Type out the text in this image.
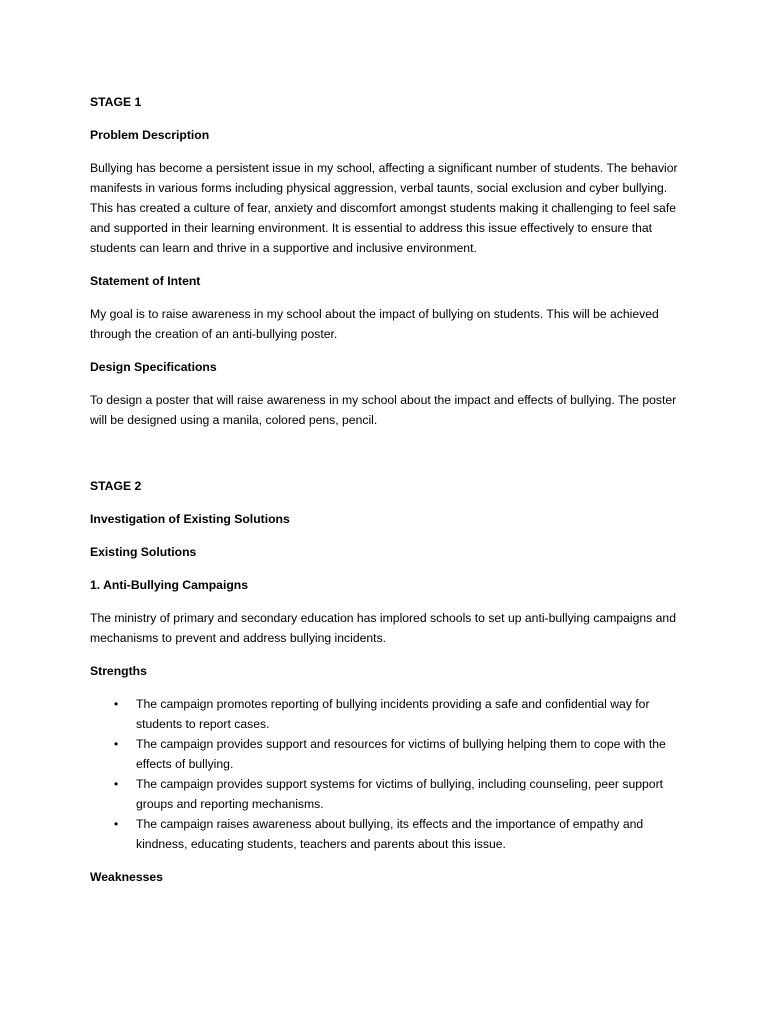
STAGE 1
Problem Description
Bullying has become a persistent issue in my school, affecting a significant number of students. The behavior manifests in various forms including physical aggression, verbal taunts, social exclusion and cyber bullying. This has created a culture of fear, anxiety and discomfort amongst students making it challenging to feel safe and supported in their learning environment. It is essential to address this issue effectively to ensure that students can learn and thrive in a supportive and inclusive environment.
Statement of Intent
My goal is to raise awareness in my school about the impact of bullying on students. This will be achieved through the creation of an anti-bullying poster.
Design Specifications
To design a poster that will raise awareness in my school about the impact and effects of bullying. The poster will be designed using a manila, colored pens, pencil.
STAGE 2
Investigation of Existing Solutions
Existing Solutions
1. Anti-Bullying Campaigns
The ministry of primary and secondary education has implored schools to set up anti-bullying campaigns and mechanisms to prevent and address bullying incidents.
Strengths
• The campaign promotes reporting of bullying incidents providing a safe and confidential way for students to report cases.
• The campaign provides support and resources for victims of bullying helping them to cope with the effects of bullying.
• The campaign provides support systems for victims of bullying, including counseling, peer support groups and reporting mechanisms.
• The campaign raises awareness about bullying, its effects and the importance of empathy and kindness, educating students, teachers and parents about this issue.
Weaknesses
